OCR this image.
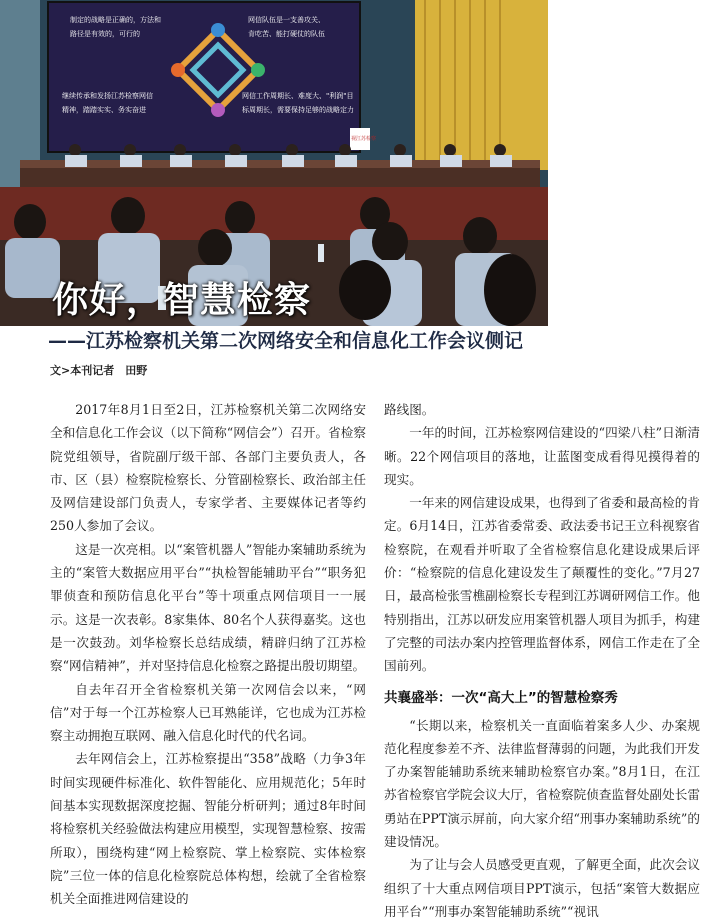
制定的战略是正确的，方法和
路径是有效的，可行的
网信队伍是一支善攻关、
肯吃苦、能打硬仗的队伍
继续传承和发扬江苏检察网信
精神，踏踏实实、务实奋进
网信工作周期长、难度大、"利润"目
标周期长，需要保持足够的战略定力
视江苏检察
你好，智慧检察
——江苏检察机关第二次网络安全和信息化工作会议侧记
文>本刊记者　田野

2017年8月1日至2日，江苏检察机关第二次网络安全和信息化工作会议（以下简称“网信会”）召开。省检察院党组领导，省院副厅级干部、各部门主要负责人，各市、区（县）检察院检察长、分管副检察长、政治部主任及网信建设部门负责人，专家学者、主要媒体记者等约250人参加了会议。

这是一次亮相。以“案管机器人”智能办案辅助系统为主的“案管大数据应用平台”“执检智能辅助平台”“职务犯罪侦查和预防信息化平台”等十项重点网信项目一一展示。这是一次表彰。8家集体、80名个人获得嘉奖。这也是一次鼓劲。刘华检察长总结成绩，精辟归纳了江苏检察“网信精神”，并对坚持信息化检察之路提出殷切期望。

自去年召开全省检察机关第一次网信会以来，“网信”对于每一个江苏检察人已耳熟能详，它也成为江苏检察主动拥抱互联网、融入信息化时代的代名词。

去年网信会上，江苏检察提出“358”战略（力争3年时间实现硬件标准化、软件智能化、应用规范化；5年时间基本实现数据深度挖掘、智能分析研判；通过8年时间将检察机关经验做法构建应用模型，实现智慧检察、按需所取），围绕构建“网上检察院、掌上检察院、实体检察院”三位一体的信息化检察院总体构想，绘就了全省检察机关全面推进网信建设的

路线图。

一年的时间，江苏检察网信建设的“四梁八柱”日渐清晰。22个网信项目的落地，让蓝图变成看得见摸得着的现实。

一年来的网信建设成果，也得到了省委和最高检的肯定。6月14日，江苏省委常委、政法委书记王立科视察省检察院，在观看并听取了全省检察信息化建设成果后评价：“检察院的信息化建设发生了颠覆性的变化。”7月27日，最高检张雪樵副检察长专程到江苏调研网信工作。他特别指出，江苏以研发应用案管机器人项目为抓手，构建了完整的司法办案内控管理监督体系，网信工作走在了全国前列。

共襄盛举：一次“高大上”的智慧检察秀

“长期以来，检察机关一直面临着案多人少、办案规范化程度参差不齐、法律监督薄弱的问题，为此我们开发了办案智能辅助系统来辅助检察官办案。”8月1日，在江苏省检察官学院会议大厅，省检察院侦查监督处副处长雷勇站在PPT演示屏前，向大家介绍“刑事办案辅助系统”的建设情况。

为了让与会人员感受更直观，了解更全面，此次会议组织了十大重点网信项目PPT演示，包括“案管大数据应用平台”“刑事办案智能辅助系统”“视讯
